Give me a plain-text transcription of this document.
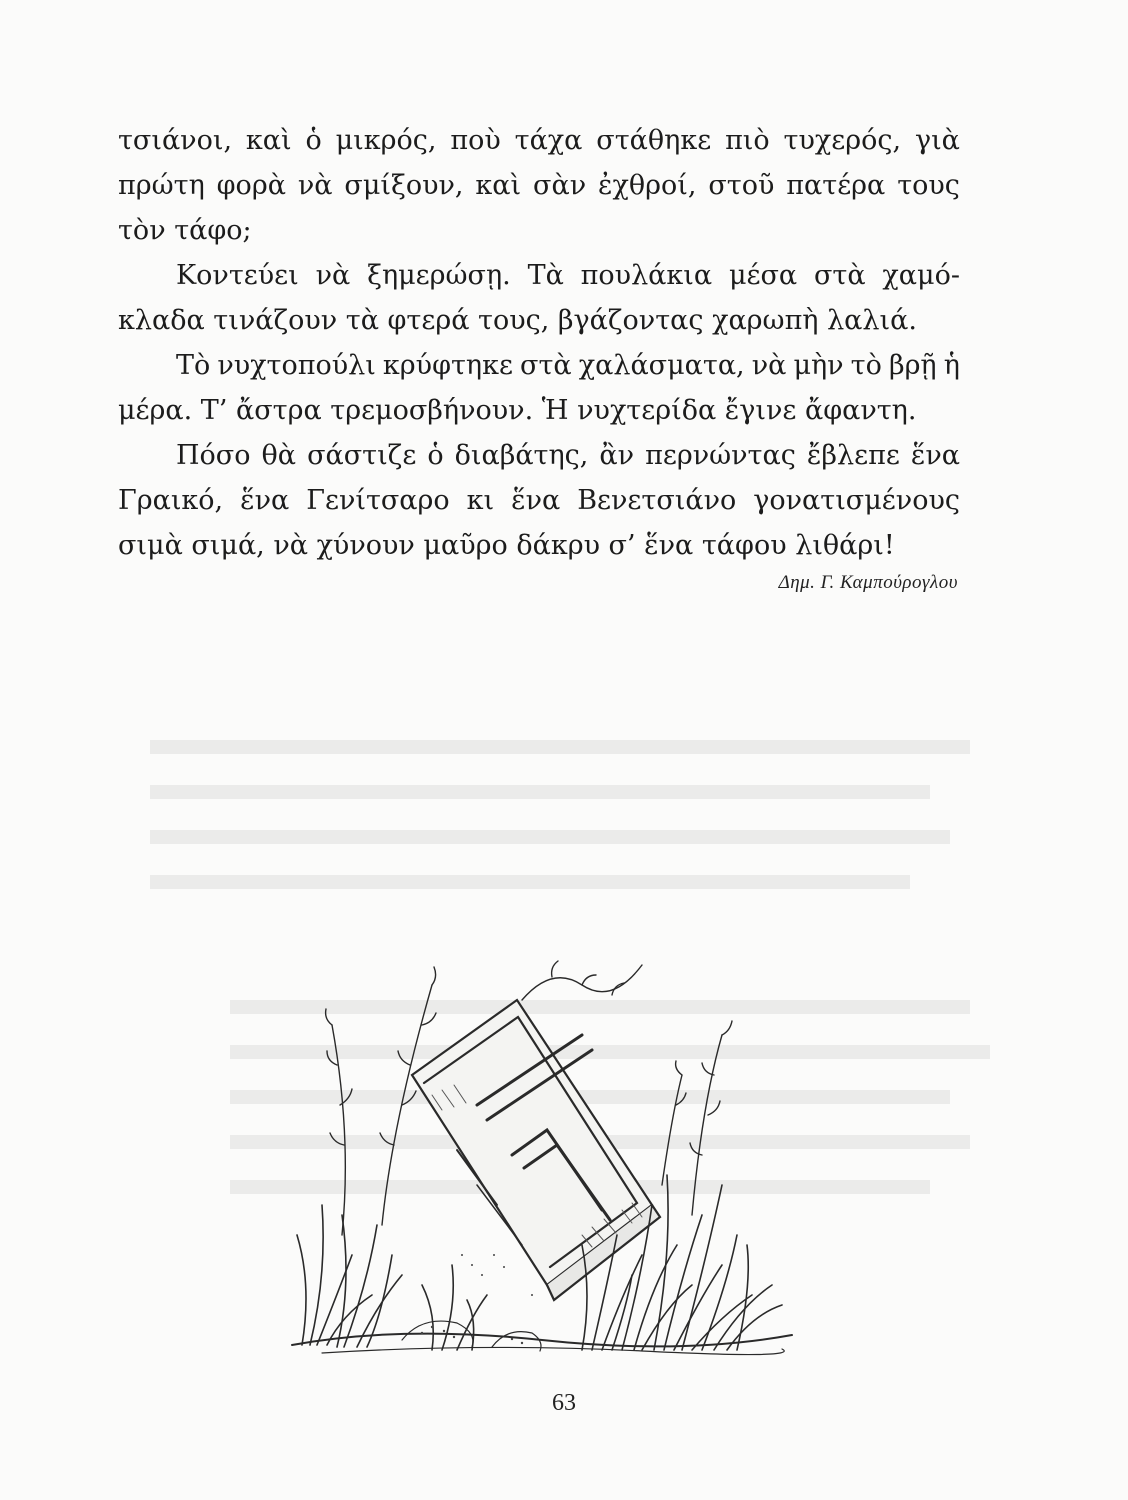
τσιάνοι, καὶ ὁ μικρός, ποὺ τάχα στάθηκε πιὸ τυχερός, γιὰ
πρώτη φορὰ νὰ σμίξουν, καὶ σὰν ἐχθροί, στοῦ πατέρα τους
τὸν τάφο;
Κοντεύει νὰ ξημερώσῃ. Τὰ πουλάκια μέσα στὰ χαμό-
κλαδα τινάζουν τὰ φτερά τους, βγάζοντας χαρωπὴ λαλιά.
Τὸ νυχτοπούλι κρύφτηκε στὰ χαλάσματα, νὰ μὴν τὸ βρῇ ἡ
μέρα. Τ’ ἄστρα τρεμοσβήνουν. Ἡ νυχτερίδα ἔγινε ἄφαντη.
Πόσο θὰ σάστιζε ὁ διαβάτης, ἂν περνώντας ἔβλεπε ἕνα
Γραικό, ἕνα Γενίτσαρο κι ἕνα Βενετσιάνο γονατισμένους
σιμὰ σιμά, νὰ χύνουν μαῦρο δάκρυ σ’ ἕνα τάφου λιθάρι!
Δημ. Γ. Καμπούρογλου
63
